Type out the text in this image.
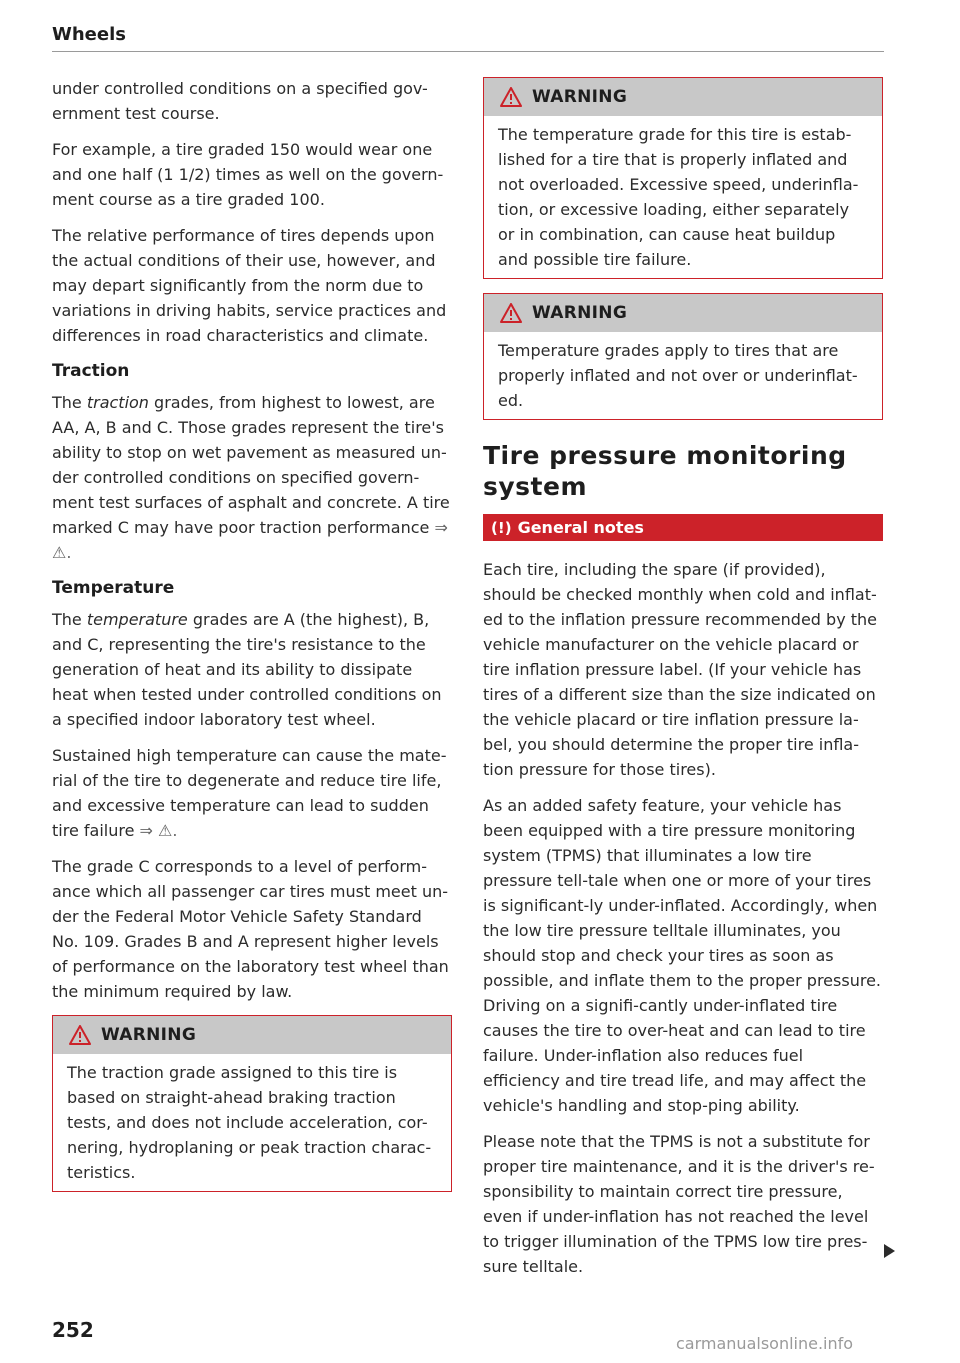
Wheels

under controlled conditions on a specified gov-ernment test course.

For example, a tire graded 150 would wear one and one half (1 1/2) times as well on the govern-ment course as a tire graded 100.

The relative performance of tires depends upon the actual conditions of their use, however, and may depart significantly from the norm due to variations in driving habits, service practices and differences in road characteristics and climate.

Traction

The traction grades, from highest to lowest, are AA, A, B and C. Those grades represent the tire's ability to stop on wet pavement as measured un-der controlled conditions on specified govern-ment test surfaces of asphalt and concrete. A tire marked C may have poor traction performance ⇒ ⚠.

Temperature

The temperature grades are A (the highest), B, and C, representing the tire's resistance to the generation of heat and its ability to dissipate heat when tested under controlled conditions on a specified indoor laboratory test wheel.

Sustained high temperature can cause the mate-rial of the tire to degenerate and reduce tire life, and excessive temperature can lead to sudden tire failure ⇒ ⚠.

The grade C corresponds to a level of perform-ance which all passenger car tires must meet un-der the Federal Motor Vehicle Safety Standard No. 109. Grades B and A represent higher levels of performance on the laboratory test wheel than the minimum required by law.

WARNING

The traction grade assigned to this tire is based on straight-ahead braking traction tests, and does not include acceleration, cor-nering, hydroplaning or peak traction charac-teristics.

WARNING

The temperature grade for this tire is estab-lished for a tire that is properly inflated and not overloaded. Excessive speed, underinfla-tion, or excessive loading, either separately or in combination, can cause heat buildup and possible tire failure.

WARNING

Temperature grades apply to tires that are properly inflated and not over or underinflat-ed.

Tire pressure monitoring system
(!) General notes

Each tire, including the spare (if provided), should be checked monthly when cold and inflat-ed to the inflation pressure recommended by the vehicle manufacturer on the vehicle placard or tire inflation pressure label. (If your vehicle has tires of a different size than the size indicated on the vehicle placard or tire inflation pressure la-bel, you should determine the proper tire infla-tion pressure for those tires).

As an added safety feature, your vehicle has been equipped with a tire pressure monitoring system (TPMS) that illuminates a low tire pressure tell-tale when one or more of your tires is significant-ly under-inflated. Accordingly, when the low tire pressure telltale illuminates, you should stop and check your tires as soon as possible, and inflate them to the proper pressure. Driving on a signifi-cantly under-inflated tire causes the tire to over-heat and can lead to tire failure. Under-inflation also reduces fuel efficiency and tire tread life, and may affect the vehicle's handling and stop-ping ability.

Please note that the TPMS is not a substitute for proper tire maintenance, and it is the driver's re-sponsibility to maintain correct tire pressure, even if under-inflation has not reached the level to trigger illumination of the TPMS low tire pres-sure telltale.

252
carmanualsonline.info
